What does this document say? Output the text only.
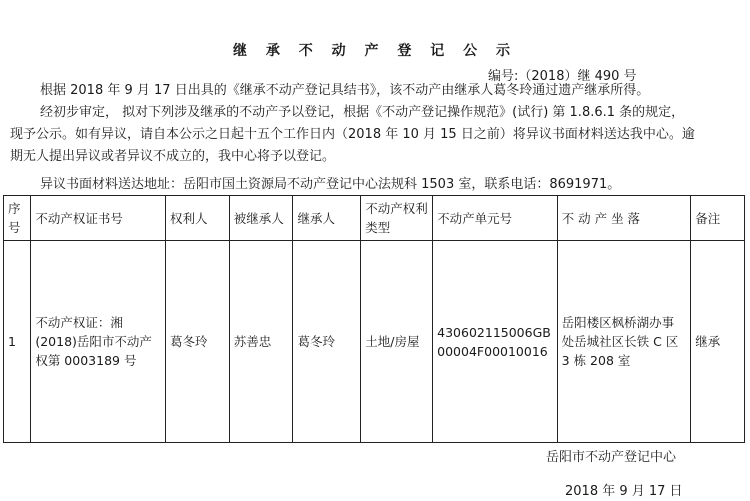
继 承 不 动 产 登 记 公 示
编号:（2018）继 490 号
根据 2018 年 9 月 17 日出具的《继承不动产登记具结书》，该不动产由继承人葛冬玲通过遗产继承所得。
经初步审定， 拟对下列涉及继承的不动产予以登记，根据《不动产登记操作规范》(试行) 第 1.8.6.1 条的规定，
现予公示。如有异议，请自本公示之日起十五个工作日内（2018 年 10 月 15 日之前）将异议书面材料送达我中心。逾
期无人提出异议或者异议不成立的，我中心将予以登记。
异议书面材料送达地址：岳阳市国土资源局不动产登记中心法规科 1503 室，联系电话：8691971。
序号	不动产权证书号	权利人	被继承人	继承人	不动产权利类型	不动产单元号	不 动 产 坐 落	备注
1	不动产权证：湘(2018)岳阳市不动产权第 0003189 号	葛冬玲	苏善忠	葛冬玲	土地/房屋	430602115006GB00004F00010016	岳阳楼区枫桥湖办事处岳城社区长铁 C 区 3 栋 208 室	继承
岳阳市不动产登记中心
2018 年 9 月 17 日
